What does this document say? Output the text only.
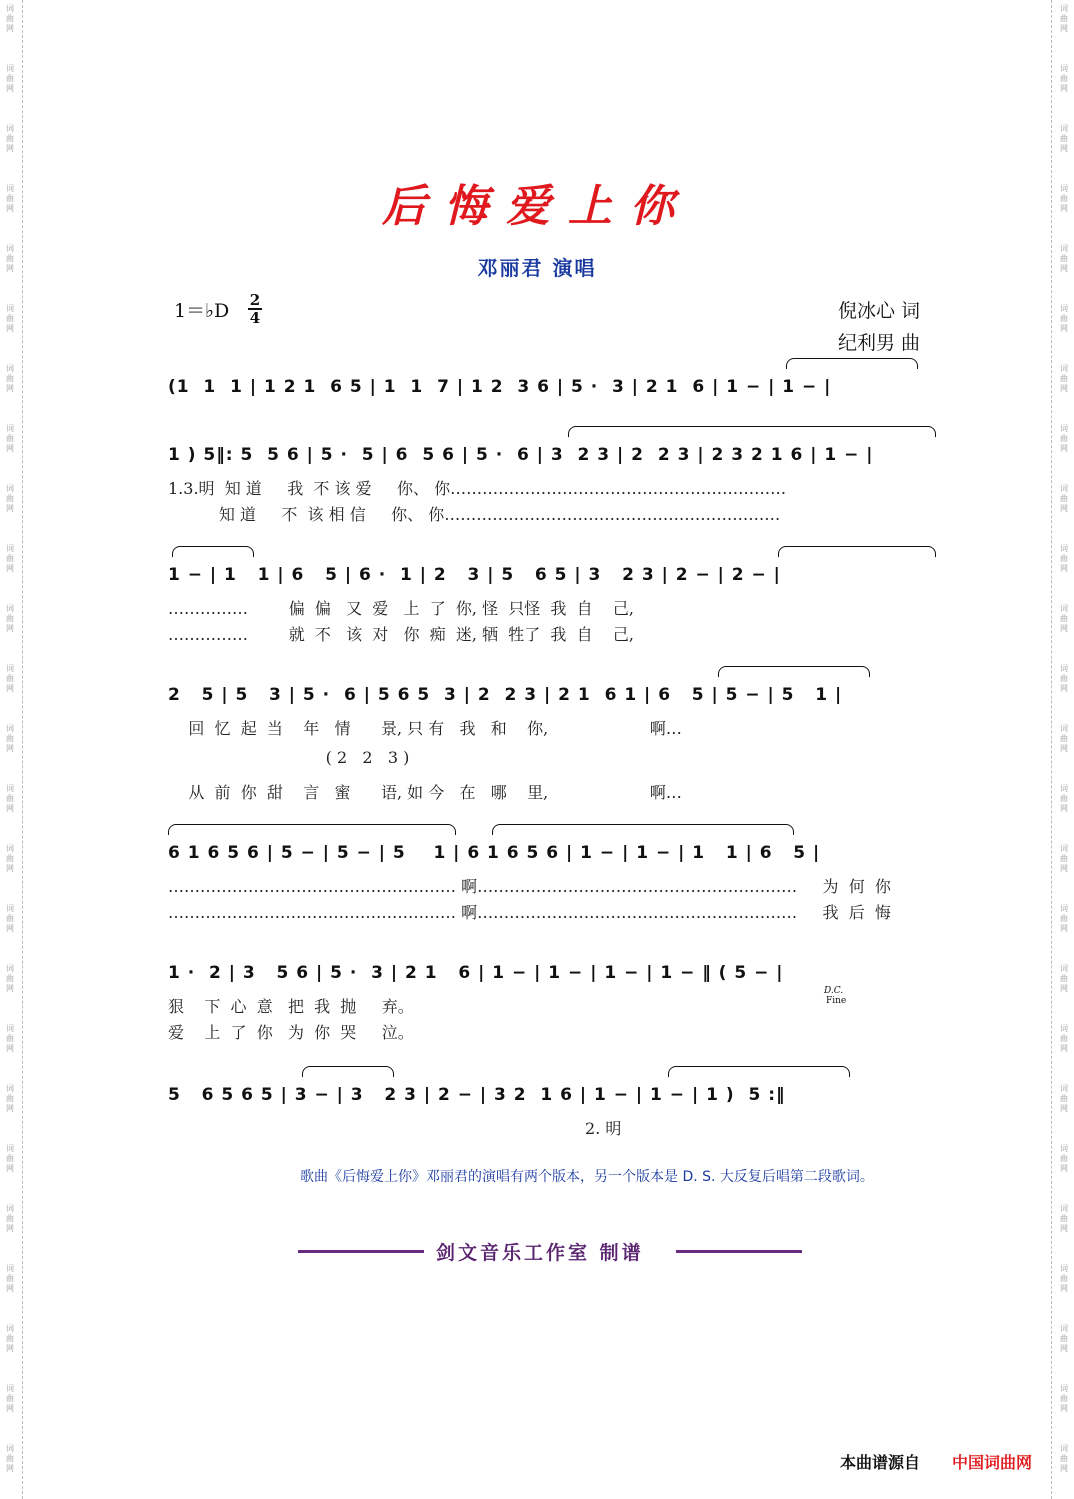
词
曲
网
词
曲
网
词
曲
网
词
曲
网
词
曲
网
词
曲
网
词
曲
网
词
曲
网
词
曲
网
词
曲
网
词
曲
网
词
曲
网
词
曲
网
词
曲
网
词
曲
网
词
曲
网
词
曲
网
词
曲
网
词
曲
网
词
曲
网
词
曲
网
词
曲
网
词
曲
网
词
曲
网
词
曲
网
词
曲
网
词
曲
网
词
曲
网
词
曲
网
词
曲
网
词
曲
网
词
曲
网
词
曲
网
词
曲
网
词
曲
网
词
曲
网
词
曲
网
词
曲
网
词
曲
网
词
曲
网
词
曲
网
词
曲
网
词
曲
网
词
曲
网
词
曲
网
词
曲
网
词
曲
网
词
曲
网
词
曲
网
词
曲
网
后悔爱上你
邓丽君 演唱
1＝♭D 2
4	倪冰心 词
纪利男 曲
(1  1  1 | 1 2 1  6 5 | 1  1  7 | 1 2  3 6 | 5 ·  3 | 2 1  6 | 1 − | 1 − |
1 ) 5‖: 5  5 6 | 5 ·  5 | 6  5 6 | 5 ·  6 | 3  2 3 | 2  2 3 | 2 3 2 1 6 | 1 − |
1.3.明  知 道     我  不 该 爱     你、 你………………………………………………………
知 道     不  该 相 信     你、 你………………………………………………………
1 − | 1   1 | 6   5 | 6 ·  1 | 2   3 | 5   6 5 | 3   2 3 | 2 − | 2 − |
……………        偏  偏   又  爱   上  了  你, 怪  只怪  我  自    己,
……………        就  不   该  对   你  痴  迷, 牺  牲了  我  自    己,
2   5 | 5   3 | 5 ·  6 | 5 6 5  3 | 2  2 3 | 2 1  6 1 | 6   5 | 5 − | 5   1 |
回  忆  起  当    年   情      景, 只 有   我   和    你,                    啊…
( 2   2   3 )
从  前  你  甜    言   蜜      语, 如 今   在   哪    里,                    啊…
6 1 6 5 6 | 5 − | 5 − | 5    1 | 6 1 6 5 6 | 1 − | 1 − | 1   1 | 6   5 |
……………………………………………… 啊……………………………………………………     为  何  你
……………………………………………… 啊……………………………………………………     我  后  悔
1 ·  2 | 3   5 6 | 5 ·  3 | 2 1   6 | 1 − | 1 − | 1 − | 1 − ‖ ( 5 − |
狠    下  心  意   把  我  抛     弃。
爱    上  了  你   为  你  哭     泣。
D.C.
Fine
5   6 5 6 5 | 3 − | 3   2 3 | 2 − | 3 2  1 6 | 1 − | 1 − | 1 )  5 :‖
2. 明
歌曲《后悔爱上你》邓丽君的演唱有两个版本，另一个版本是 D. S. 大反复后唱第二段歌词。
剑文音乐工作室 制谱
本曲谱源自 中国词曲网
